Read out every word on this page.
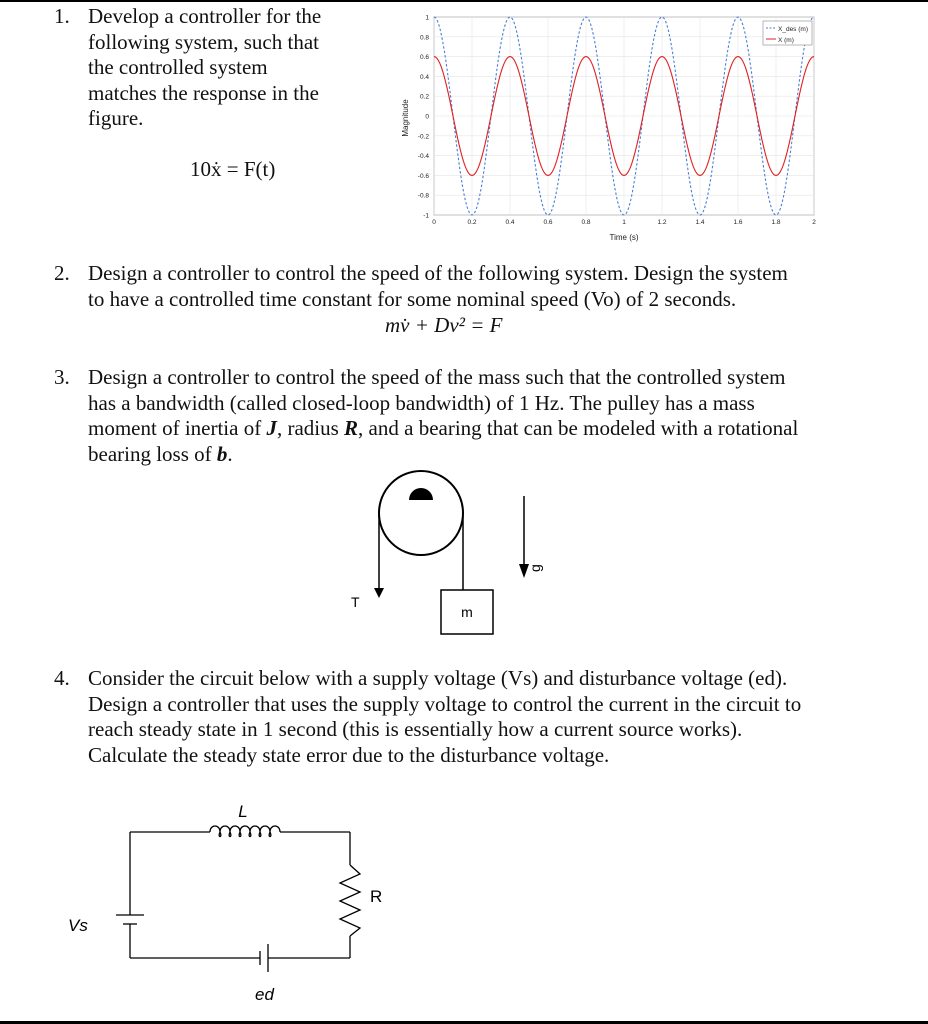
1. Develop a controller for the
following system, such that
the controlled system
matches the response in the
figure.
10ẋ = F(t)
1
0.8
0.6
0.4
0.2
0
-0.2
-0.4
-0.6
-0.8
-1
0	0.2	0.4	0.6	0.8	1	1.2	1.4	1.6	1.8	2
Magnitude
Time (s)
X_des (m)
X (m)
2. Design a controller to control the speed of the following system. Design the system
to have a controlled time constant for some nominal speed (Vo) of 2 seconds.
mv̇ + Dv² = F
3. Design a controller to control the speed of the mass such that the controlled system
has a bandwidth (called closed-loop bandwidth) of 1 Hz. The pulley has a mass
moment of inertia of J, radius R, and a bearing that can be modeled with a rotational
bearing loss of b.
m
T
g
4. Consider the circuit below with a supply voltage (Vs) and disturbance voltage (ed).
Design a controller that uses the supply voltage to control the current in the circuit to
reach steady state in 1 second (this is essentially how a current source works).
Calculate the steady state error due to the disturbance voltage.
L
R
Vs
ed
